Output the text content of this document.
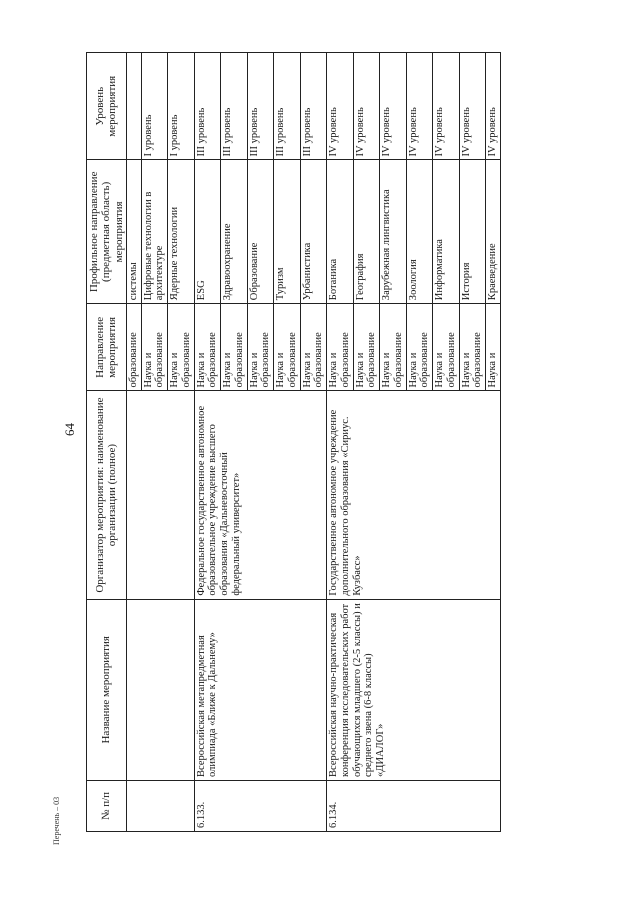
64
№ п/п	Название мероприятия	Организатор мероприятия: наименование организации (полное)	Направление мероприятия	Профильное направление (предметная область) мероприятия	Уровень мероприятия
			образование	системы	
			Наука и образование	Цифровые технологии в архитектуре	I уровень
			Наука и образование	Ядерные технологии	I уровень
6.133.	Всероссийская метапредметная олимпиада «Ближе к Дальнему»	Федеральное государственное автономное образовательное учреждение высшего образования «Дальневосточный федеральный университет»	Наука и образование	ESG	III уровень
			Наука и образование	Здравоохранение	III уровень
			Наука и образование	Образование	III уровень
			Наука и образование	Туризм	III уровень
			Наука и образование	Урбанистика	III уровень
6.134.	Всероссийская научно-практическая конференция исследовательских работ обучающихся младшего (2-5 классы) и среднего звена (6-8 классы) «ДИАЛОГ»	Государственное автономное учреждение дополнительного образования «Сириус. Кузбасс»	Наука и образование	Ботаника	IV уровень
			Наука и образование	География	IV уровень
			Наука и образование	Зарубежная лингвистика	IV уровень
			Наука и образование	Зоология	IV уровень
			Наука и образование	Информатика	IV уровень
			Наука и образование	История	IV уровень
			Наука и	Краеведение	IV уровень
Перечень – 03
